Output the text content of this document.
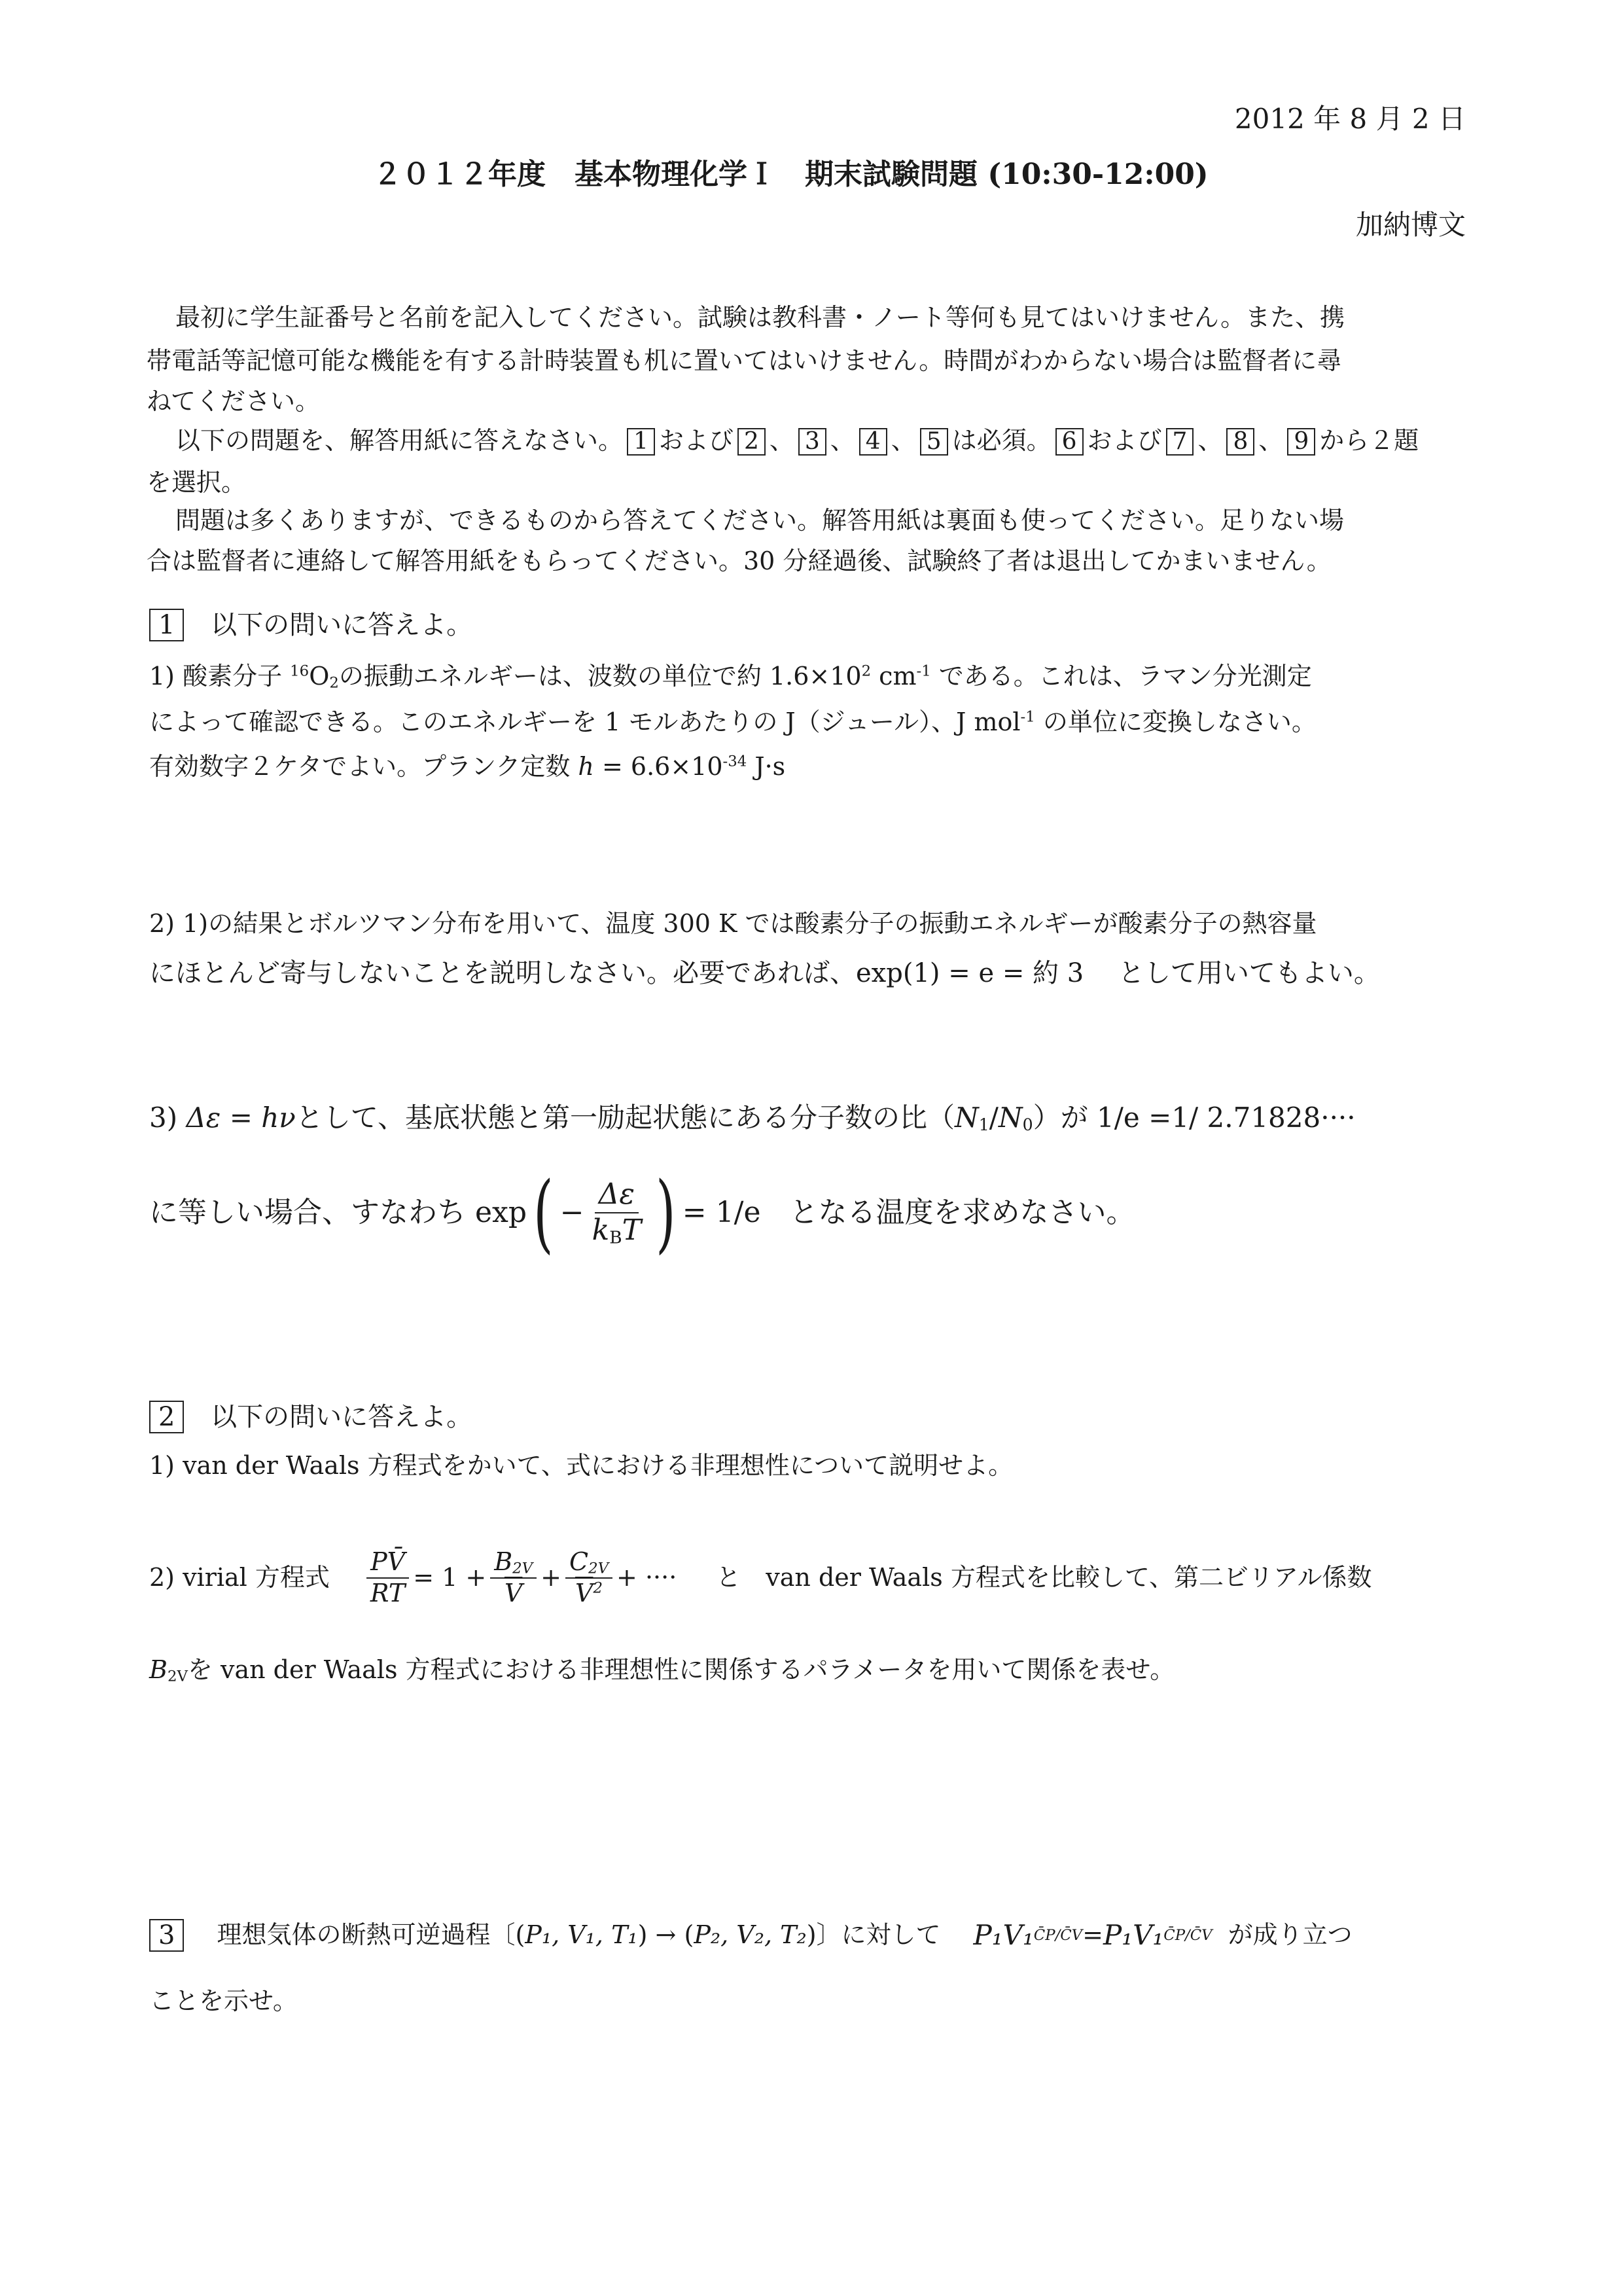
2012 年 8 月 2 日
２０１２年度　基本物理化学Ｉ　期末試験問題 (10:30-12:00)
加納博文
最初に学生証番号と名前を記入してください。試験は教科書・ノート等何も見てはいけません。また、携
帯電話等記憶可能な機能を有する計時装置も机に置いてはいけません。時間がわからない場合は監督者に尋
ねてください。
以下の問題を、解答用紙に答えなさい。 1 および 2 、 3 、 4 、 5 は必須。 6 および 7 、 8 、 9 から２題
を選択。
問題は多くありますが、できるものから答えてください。解答用紙は裏面も使ってください。足りない場
合は監督者に連絡して解答用紙をもらってください。30 分経過後、試験終了者は退出してかまいません。
1 以下の問いに答えよ。
1) 酸素分子 $^{16}O_2$の振動エネルギーは、波数の単位で約 $1.6\times 10^2$ $cm^{-1}$ である。これは、ラマン分光測定
によって確認できる。このエネルギーを 1 モルあたりの J（ジュール）、J mol$^{-1}$ の単位に変換しなさい。
有効数字２ケタでよい。プランク定数 $h = 6.6\times 10^{-34}$ J·s
2) 1)の結果とボルツマン分布を用いて、温度 300 K では酸素分子の振動エネルギーが酸素分子の熱容量
にほとんど寄与しないことを説明しなさい。必要であれば、exp(1) = e = 約 3　 として用いてもよい。
3) Δε = hνとして、基底状態と第一励起状態にある分子数の比$(N_1/N_0)$が 1/e =1/ 2.71828····
に等しい場合、すなわち exp ( − $\frac{\Delta\varepsilon}{k_BT}$ ) = 1/e　となる温度を求めなさい。
2 以下の問いに答えよ。
1) van der Waals 方程式をかいて、式における非理想性について説明せよ。
2) virial 方程式 $\frac{PV̄}{RT} = 1 + \frac{B_{2V}}{V} + \frac{C_{2V}}{\overline{V}^2}$ + ···· と　van der Waals 方程式を比較して、第二ビリアル係数
$B_{2V}$を van der Waals 方程式における非理想性に関係するパラメータを用いて関係を表せ。
3	理想気体の断熱可逆過程〔( P₁, V₁, T₁ ) → ( P₂, V₂, T₂ )〕に対して P₁V₁ C̄P/C̄V = P₁V₁ C̄P/C̄V が成り立つ
ことを示せ。
